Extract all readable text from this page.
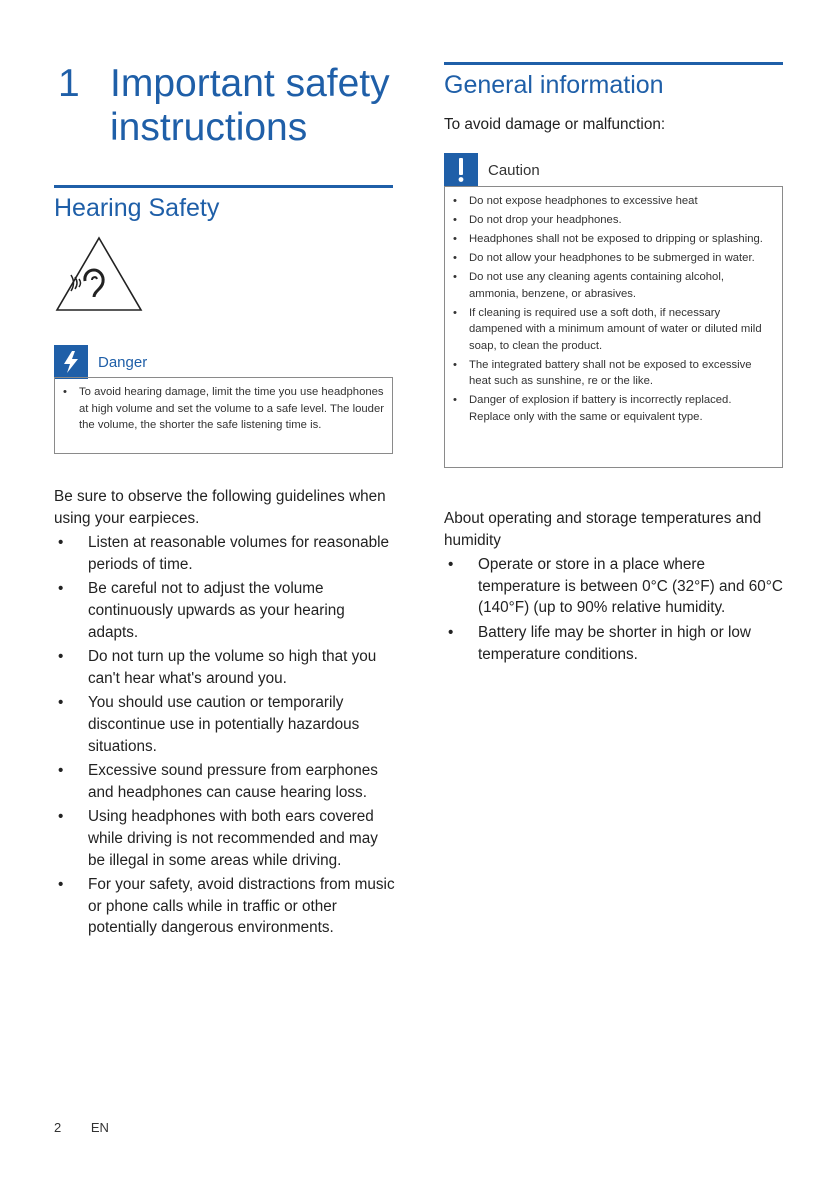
1 Important safety instructions
Hearing Safety
Danger
• To avoid hearing damage, limit the time you use headphones at high volume and set the volume to a safe level. The louder the volume, the shorter the safe listening time is.
Be sure to observe the following guidelines when using your earpieces.
• Listen at reasonable volumes for reasonable periods of time.
• Be careful not to adjust the volume continuously upwards as your hearing adapts.
• Do not turn up the volume so high that you can't hear what's around you.
• You should use caution or temporarily discontinue use in potentially hazardous situations.
• Excessive sound pressure from earphones and headphones can cause hearing loss.
• Using headphones with both ears covered while driving is not recommended and may be illegal in some areas while driving.
• For your safety, avoid distractions from music or phone calls while in traffic or other potentially dangerous environments.
General information
To avoid damage or malfunction:
Caution
• Do not expose headphones to excessive heat
• Do not drop your headphones.
• Headphones shall not be exposed to dripping or splashing.
• Do not allow your headphones to be submerged in water.
• Do not use any cleaning agents containing alcohol, ammonia, benzene, or abrasives.
• If cleaning is required use a soft doth, if necessary dampened with a minimum amount of water or diluted mild soap, to clean the product.
• The integrated battery shall not be exposed to excessive heat such as sunshine, re or the like.
• Danger of explosion if battery is incorrectly replaced. Replace only with the same or equivalent type.
About operating and storage temperatures and humidity
• Operate or store in a place where temperature is between 0°C (32°F) and 60°C (140°F) (up to 90% relative humidity.
• Battery life may be shorter in high or low temperature conditions.
2 EN
